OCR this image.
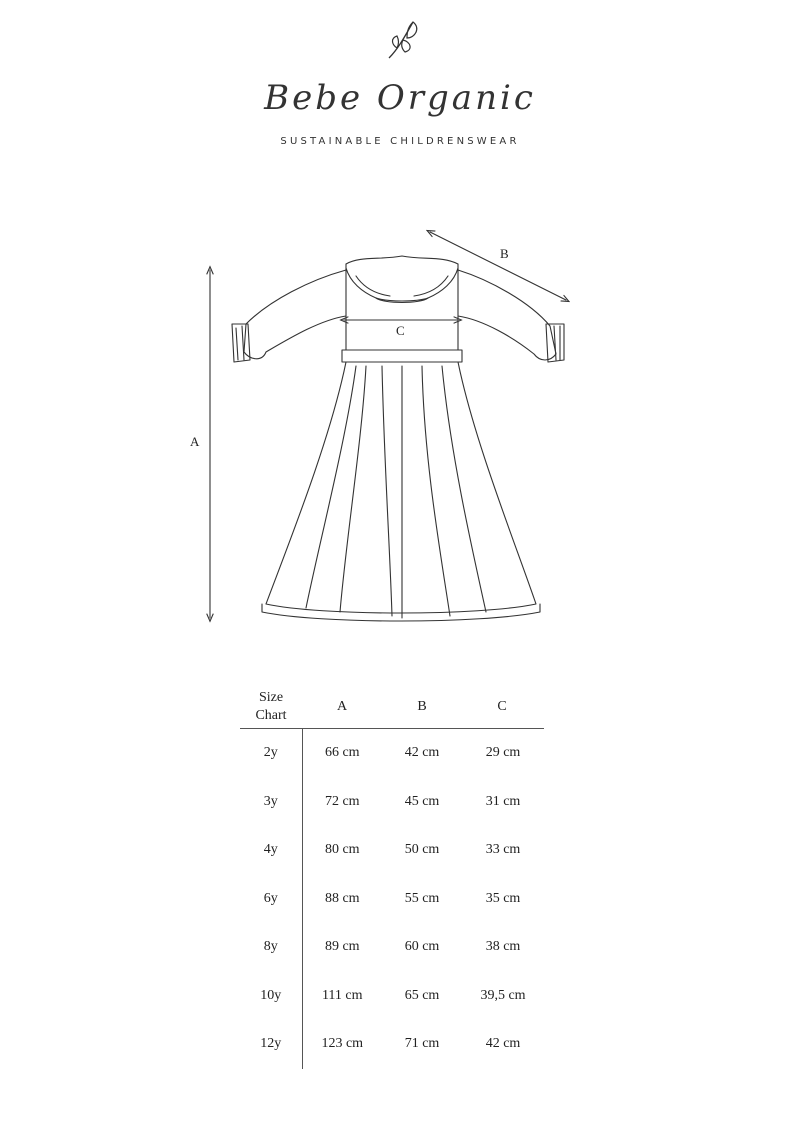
Bebe Organic
SUSTAINABLE CHILDRENSWEAR
A
B
C
Size
Chart	A	B	C
2y	66 cm	42 cm	29 cm
3y	72 cm	45 cm	31 cm
4y	80 cm	50 cm	33 cm
6y	88 cm	55 cm	35 cm
8y	89 cm	60 cm	38 cm
10y	111 cm	65 cm	39,5 cm
12y	123 cm	71 cm	42 cm
